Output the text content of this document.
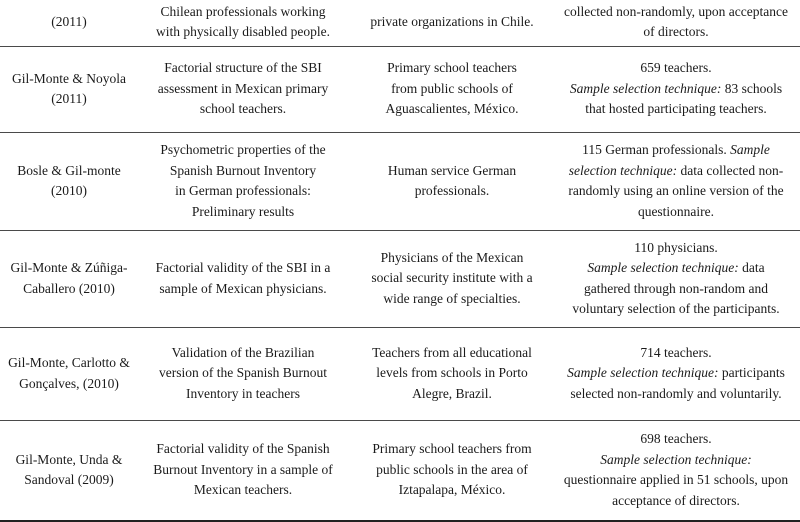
(2011)
Chilean professionals working
with physically disabled people.
private organizations in Chile.
collected non-randomly, upon acceptance
of directors.
Gil-Monte & Noyola
(2011)
Factorial structure of the SBI
assessment in Mexican primary
school teachers.
Primary school teachers
from public schools of
Aguascalientes, México.
659 teachers.
Sample selection technique: 83 schools
that hosted participating teachers.
Bosle & Gil-monte
(2010)
Psychometric properties of the
Spanish Burnout Inventory
in German professionals:
Preliminary results
Human service German
professionals.
115 German professionals. Sample
selection technique: data collected non-
randomly using an online version of the
questionnaire.
Gil-Monte & Zúñiga-
Caballero (2010)
Factorial validity of the SBI in a
sample of Mexican physicians.
Physicians of the Mexican
social security institute with a
wide range of specialties.
110 physicians.
Sample selection technique: data
gathered through non-random and
voluntary selection of the participants.
Gil-Monte, Carlotto &
Gonçalves, (2010)
Validation of the Brazilian
version of the Spanish Burnout
Inventory in teachers
Teachers from all educational
levels from schools in Porto
Alegre, Brazil.
714 teachers.
Sample selection technique: participants
selected non-randomly and voluntarily.
Gil-Monte, Unda &
Sandoval (2009)
Factorial validity of the Spanish
Burnout Inventory in a sample of
Mexican teachers.
Primary school teachers from
public schools in the area of
Iztapalapa, México.
698 teachers.
Sample selection technique:
questionnaire applied in 51 schools, upon
acceptance of directors.
